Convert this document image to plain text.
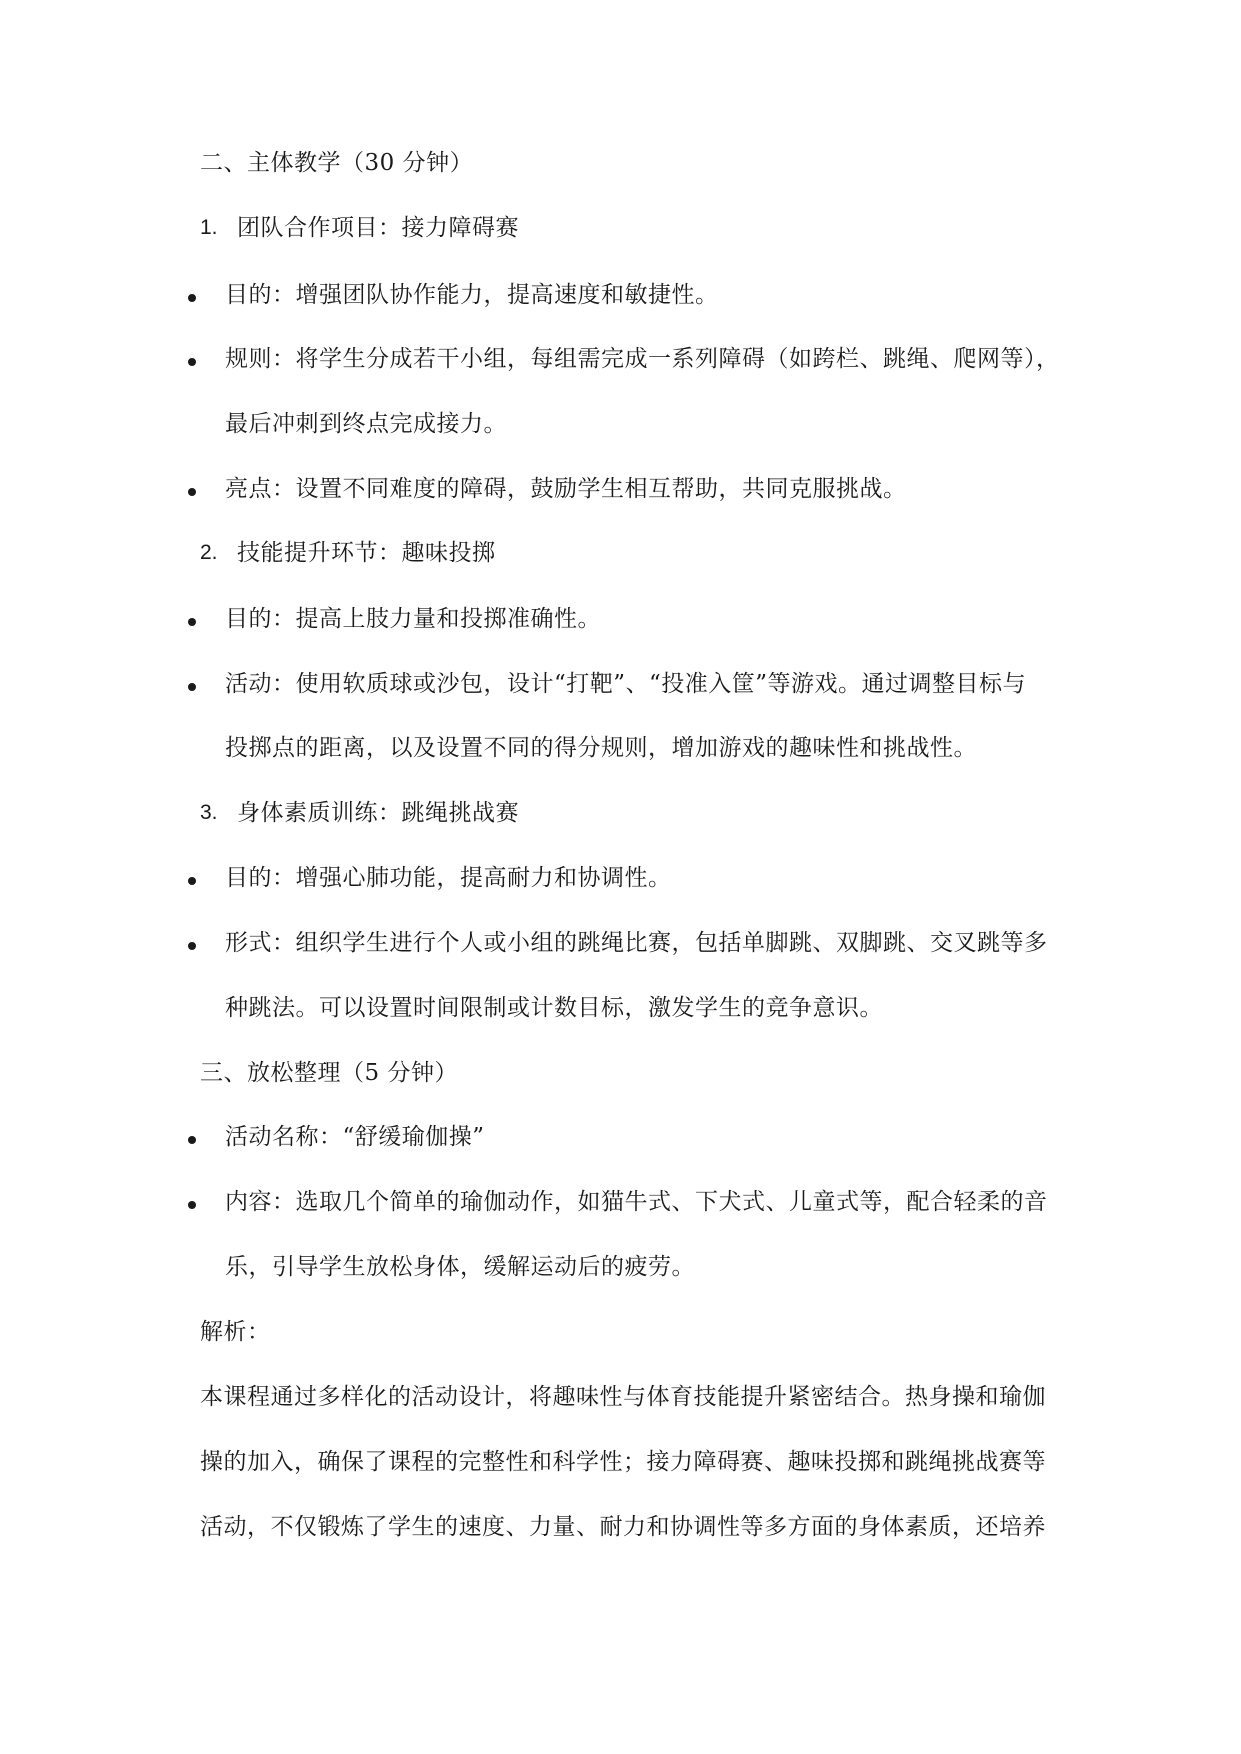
二、主体教学（30 分钟）
1. 团队合作项目：接力障碍赛
目的：增强团队协作能力，提高速度和敏捷性。
规则：将学生分成若干小组，每组需完成一系列障碍（如跨栏、跳绳、爬网等），
最后冲刺到终点完成接力。
亮点：设置不同难度的障碍，鼓励学生相互帮助，共同克服挑战。
2. 技能提升环节：趣味投掷
目的：提高上肢力量和投掷准确性。
活动：使用软质球或沙包，设计“打靶”、“投准入筐”等游戏。通过调整目标与
投掷点的距离，以及设置不同的得分规则，增加游戏的趣味性和挑战性。
3. 身体素质训练：跳绳挑战赛
目的：增强心肺功能，提高耐力和协调性。
形式：组织学生进行个人或小组的跳绳比赛，包括单脚跳、双脚跳、交叉跳等多
种跳法。可以设置时间限制或计数目标，激发学生的竞争意识。
三、放松整理（5 分钟）
活动名称：“舒缓瑜伽操”
内容：选取几个简单的瑜伽动作，如猫牛式、下犬式、儿童式等，配合轻柔的音
乐，引导学生放松身体，缓解运动后的疲劳。
解析：
本课程通过多样化的活动设计，将趣味性与体育技能提升紧密结合。热身操和瑜伽
操的加入，确保了课程的完整性和科学性；接力障碍赛、趣味投掷和跳绳挑战赛等
活动，不仅锻炼了学生的速度、力量、耐力和协调性等多方面的身体素质，还培养
